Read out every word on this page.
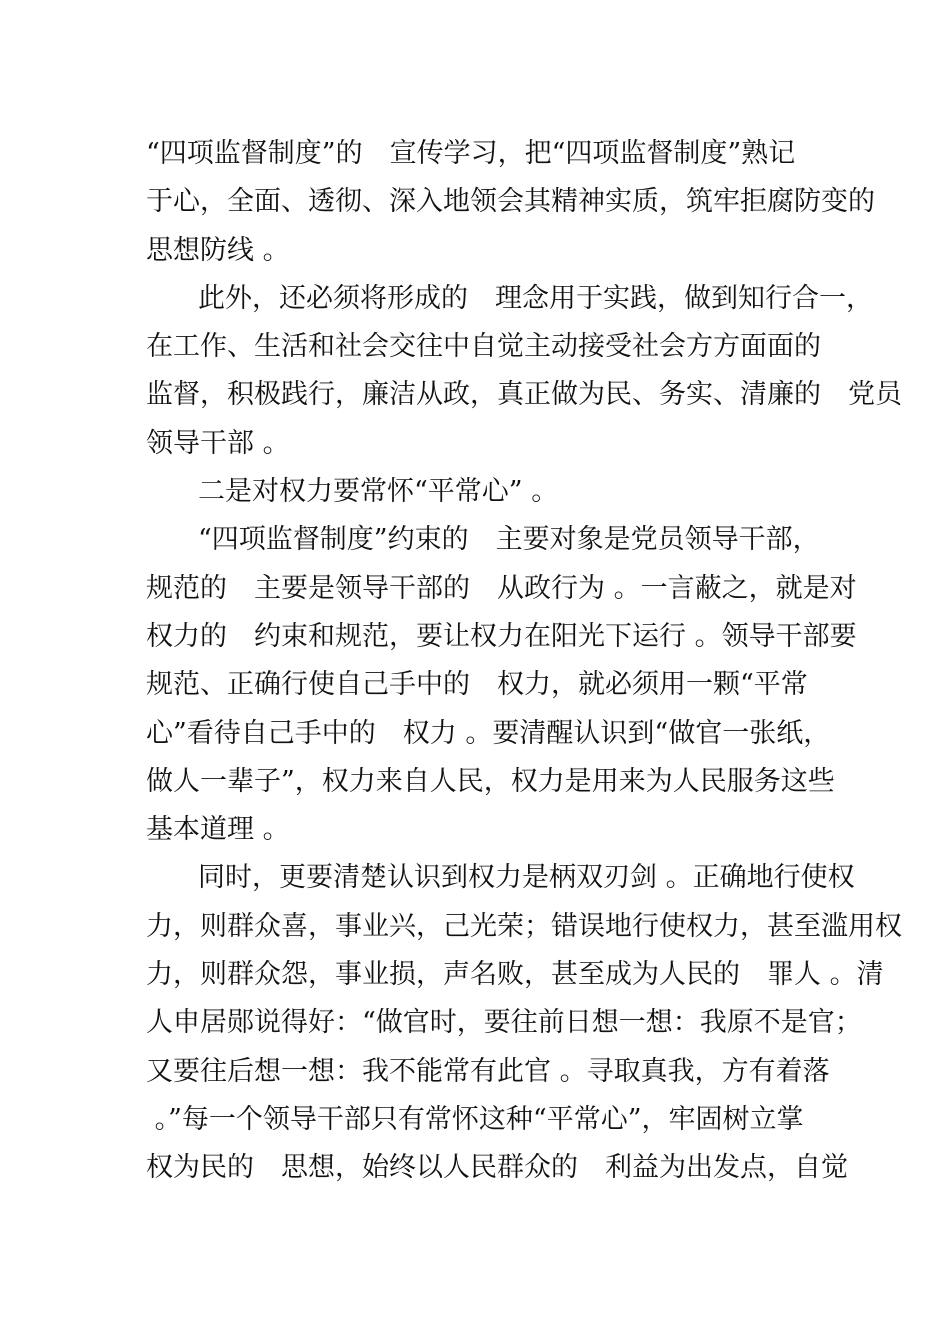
“四项监督制度”的　宣传学习，把“四项监督制度”熟记
于心，全面、透彻、深入地领会其精神实质，筑牢拒腐防变的
思想防线 。
此外，还必须将形成的　理念用于实践，做到知行合一，
在工作、生活和社会交往中自觉主动接受社会方方面面的
监督，积极践行，廉洁从政，真正做为民、务实、清廉的　党员
领导干部 。
二是对权力要常怀“平常心” 。
“四项监督制度”约束的　主要对象是党员领导干部，
规范的　主要是领导干部的　从政行为 。一言蔽之，就是对
权力的　约束和规范，要让权力在阳光下运行 。领导干部要
规范、正确行使自己手中的　权力，就必须用一颗“平常
心”看待自己手中的　权力 。要清醒认识到“做官一张纸，
做人一辈子”，权力来自人民，权力是用来为人民服务这些
基本道理 。
同时，更要清楚认识到权力是柄双刃剑 。正确地行使权
力，则群众喜，事业兴，己光荣；错误地行使权力，甚至滥用权
力，则群众怨，事业损，声名败，甚至成为人民的　罪人 。清
人申居郧说得好：“做官时，要往前日想一想：我原不是官；
又要往后想一想：我不能常有此官 。寻取真我，方有着落
。”每一个领导干部只有常怀这种“平常心”，牢固树立掌
权为民的　思想，始终以人民群众的　利益为出发点，自觉
